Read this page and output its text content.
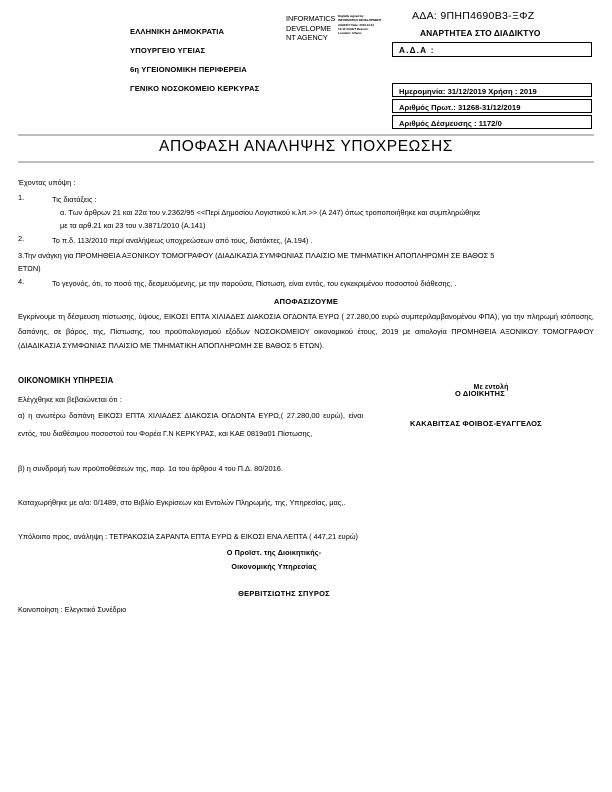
ΕΛΛΗΝΙΚΗ ΔΗΜΟΚΡΑΤΙΑ
ΥΠΟΥΡΓΕΙΟ ΥΓΕΙΑΣ
6η ΥΓΕΙΟΝΟΜΙΚΗ ΠΕΡΙΦΕΡΕΙΑ
ΓΕΝΙΚΟ ΝΟΣΟΚΟΜΕΙΟ ΚΕΡΚΥΡΑΣ
INFORMATICS DEVELOPMENT AGENCY
Digitally signed by INFORMATICS DEVELOPMENT AGENCY Date: 2019.12.31 12:41:23 EET Reason: Location: Athens
ΑΔΑ: 9ΠΗΠ4690Β3-ΞΦΖ
ΑΝΑΡΤΗΤΕΑ ΣΤΟ ΔΙΑΔΙΚΤΥΟ
Α.Δ.Α :
Ημερομηνία: 31/12/2019 Χρήση : 2019
Αριθμός Πρωτ.: 31268-31/12/2019
Αριθμός Δέσμευσης : 1172/0
ΑΠΟΦΑΣΗ ΑΝΑΛΗΨΗΣ ΥΠΟΧΡΕΩΣΗΣ
Έχοντας υπόψη :
1.	Τις διατάξεις :
α. Των άρθρων 21 και 22α του ν.2362/95 <<Περί Δημοσίου Λογιστικού κ.λπ.>> (Α 247) όπως τροποποιήθηκε και συμπληρώθηκε
με τα αρθ.21 και 23 του ν.3871/2010 (Α.141)
2.	Το π.δ. 113/2010 περί αναλήψεως υποχρεώσεων από τους, διατάκτες, (Α.194) .
3.Την ανάγκη για ΠΡΟΜΗΘΕΙΑ ΑΞΟΝΙΚΟΥ ΤΟΜΟΓΡΑΦΟΥ (ΔΙΑΔΙΚΑΣΙΑ ΣΥΜΦΩΝΙΑΣ ΠΛΑΙΣΙΟ ΜΕ ΤΜΗΜΑΤΙΚΗ ΑΠΟΠΛΗΡΩΜΗ ΣΕ ΒΑΘΟΣ 5
ΕΤΩΝ)
4.	Το γεγονός, ότι, το ποσό της, δεσμευόμενης, με την παρούσα, Πίστωση, είναι εντός, του εγκεκριμένου ποσοστού διάθεσης, .
ΑΠΟΦΑΣΙΖΟΥΜΕ
Εγκρίνουμε τη δέσμευση πίστωσης, ύψους, ΕΙΚΟΣΙ ΕΠΤΑ ΧΙΛΙΑΔΕΣ ΔΙΑΚΟΣΙΑ ΟΓΔΟΝΤΑ ΕΥΡΩ ( 27.280,00 ευρώ συμπεριλαμβανομένου ΦΠΑ), για την πληρωμή ισόποσης, δαπάνης, σε βάρος, της, Πίστωσης, του προϋπολογισμού εξόδων ΝΟΣΟΚΟΜΕΙΟΥ οικονομικού έτους, 2019 με αιτιολογία ΠΡΟΜΗΘΕΙΑ ΑΞΟΝΙΚΟΥ ΤΟΜΟΓΡΑΦΟΥ (ΔΙΑΔΙΚΑΣΙΑ ΣΥΜΦΩΝΙΑΣ ΠΛΑΙΣΙΟ ΜΕ ΤΜΗΜΑΤΙΚΗ ΑΠΟΠΛΗΡΩΜΗ ΣΕ ΒΑΘΟΣ 5 ΕΤΩΝ).
ΟΙΚΟΝΟΜΙΚΗ ΥΠΗΡΕΣΙΑ
Με εντολή
Ο ΔΙΟΙΚΗΤΗΣ
ΚΑΚΑΒΙΤΣΑΣ ΦΟΙΒΟΣ-ΕΥΑΓΓΕΛΟΣ
Ελέγχθηκε και βεβαιώνεται ότι :
α) η ανωτέρω δαπάνη ΕΙΚΟΣΙ ΕΠΤΑ ΧΙΛΙΑΔΕΣ ΔΙΑΚΟΣΙΑ ΟΓΔΟΝΤΑ ΕΥΡΩ,( 27.280,00 ευρώ), είναι εντός, του διαθέσιμου ποσοστού του Φορέα Γ.Ν ΚΕΡΚΥΡΑΣ, και ΚΑΕ 0819α01 Πίστωσης,
β) η συνδρομή των προϋποθέσεων της, παρ. 1α του άρθρου 4 του Π.Δ. 80/2016.
Καταχωρήθηκε με α/α: 0/1489, στο Βιβλίο Εγκρίσεων και Εντολών Πληρωμής, της, Υπηρεσίας, μας,.
Υπόλοιπο προς, ανάληψη : ΤΕΤΡΑΚΟΣΙΑ ΣΑΡΑΝΤΑ ΕΠΤΑ ΕΥΡΩ & ΕΙΚΟΣΙ ΕΝΑ ΛΕΠΤΑ ( 447,21 ευρώ)
Ο Προϊστ. της Διοικητικής-
Οικονομικής Υπηρεσίας
ΘΕΡΒΙΤΣΙΩΤΗΣ ΣΠΥΡΟΣ
Κοινοποίηση : Ελεγκτικό Συνέδριο
